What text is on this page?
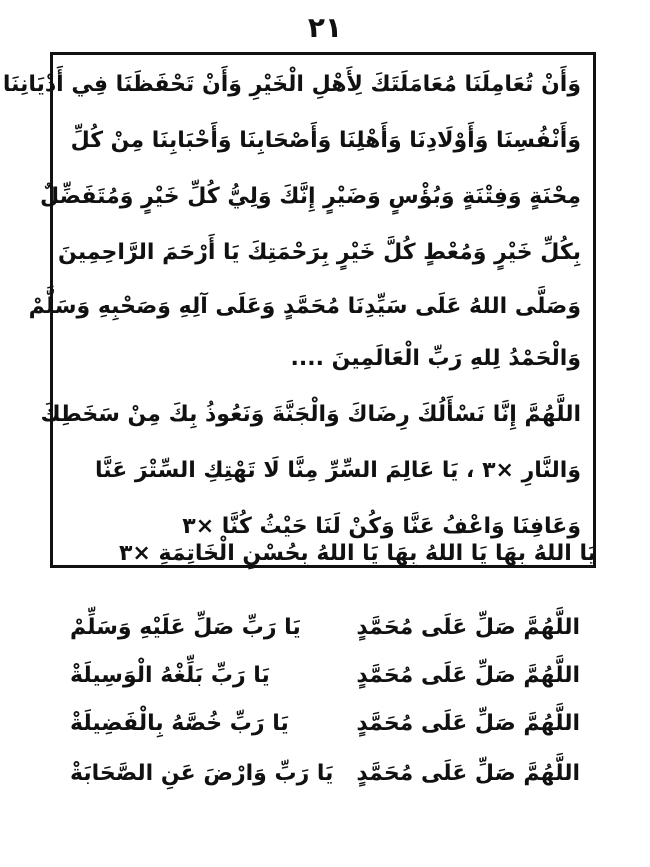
٢١
وَأَنْ تُعَامِلَنَا مُعَامَلَتَكَ لِأَهْلِ الْخَيْرِ وَأَنْ تَحْفَظَنَا فِي أَدْيَانِنَا
وَأَنْفُسِنَا وَأَوْلَادِنَا وَأَهْلِنَا وَأَصْحَابِنَا وَأَحْبَابِنَا مِنْ كُلِّ
مِحْنَةٍ وَفِتْنَةٍ وَبُؤْسٍ وَضَيْرٍ إِنَّكَ وَلِيُّ كُلِّ خَيْرٍ وَمُتَفَضِّلٌ
بِكُلِّ خَيْرٍ وَمُعْطٍ كُلَّ خَيْرٍ بِرَحْمَتِكَ يَا أَرْحَمَ الرَّاحِمِينَ
وَصَلَّى اللهُ عَلَى سَيِّدِنَا مُحَمَّدٍ وَعَلَى آلِهِ وَصَحْبِهِ وَسَلَّمْ
وَالْحَمْدُ لِلهِ رَبِّ الْعَالَمِينَ ....
اللَّهُمَّ إِنَّا نَسْأَلُكَ رِضَاكَ وَالْجَنَّةَ وَنَعُوذُ بِكَ مِنْ سَخَطِكَ
وَالنَّارِ ×٣ ، يَا عَالِمَ السِّرِّ مِنَّا لَا تَهْتِكِ السِّتْرَ عَنَّا
وَعَافِنَا وَاعْفُ عَنَّا وَكُنْ لَنَا حَيْثُ كُنَّا ×٣
يَا اللهُ بِهَا يَا اللهُ بِهَا يَا اللهُ بِحُسْنِ الْخَاتِمَةِ ×٣
اللَّهُمَّ صَلِّ عَلَى مُحَمَّدٍ
يَا رَبِّ صَلِّ عَلَيْهِ وَسَلِّمْ
اللَّهُمَّ صَلِّ عَلَى مُحَمَّدٍ
يَا رَبِّ بَلِّغْهُ الْوَسِيلَةْ
اللَّهُمَّ صَلِّ عَلَى مُحَمَّدٍ
يَا رَبِّ خُصَّهُ بِالْفَضِيلَةْ
اللَّهُمَّ صَلِّ عَلَى مُحَمَّدٍ
يَا رَبِّ وَارْضَ عَنِ الصَّحَابَةْ
